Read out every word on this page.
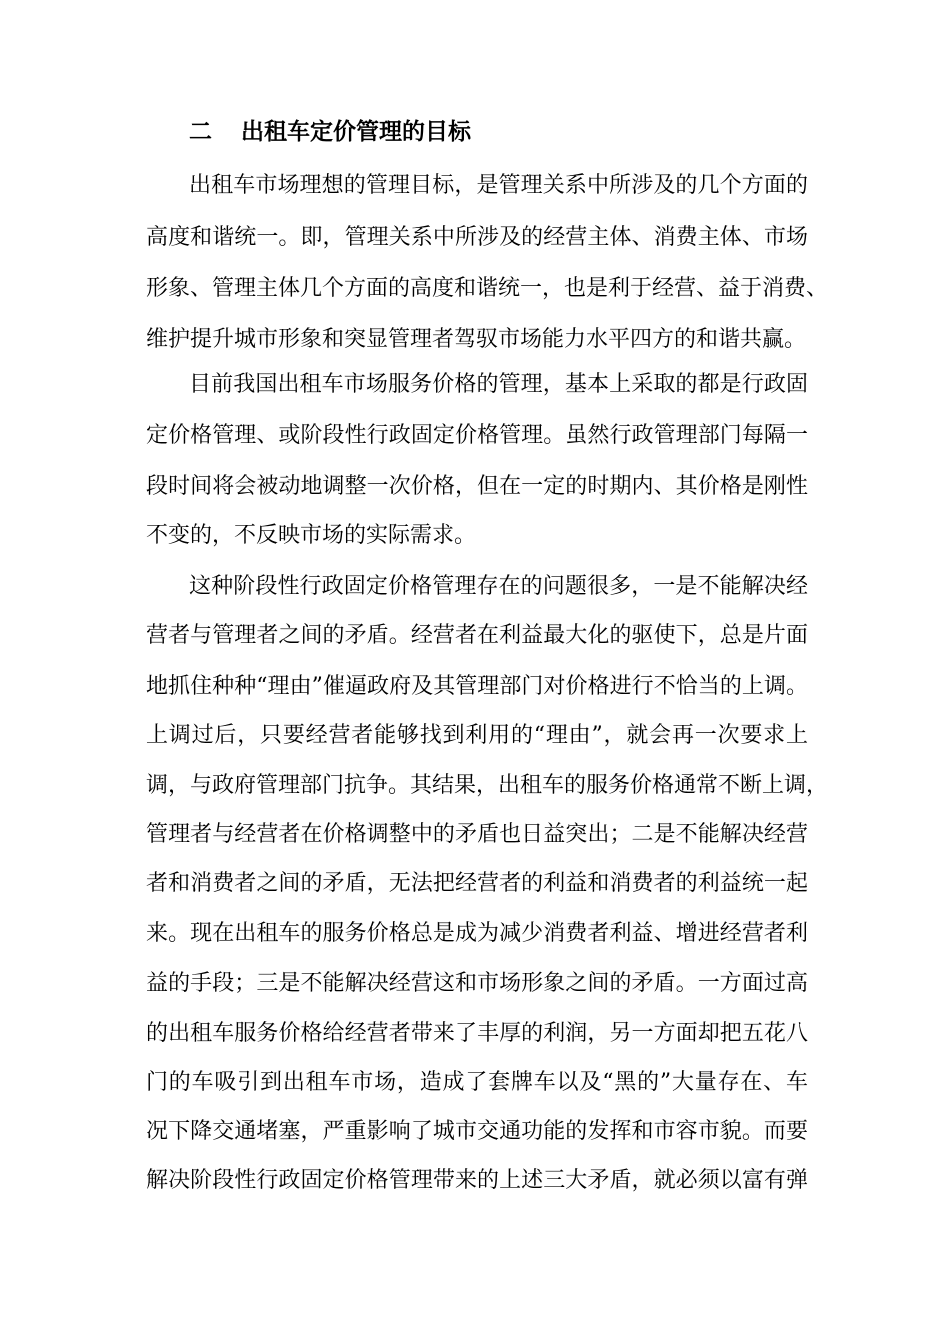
二 出租车定价管理的目标
出租车市场理想的管理目标，是管理关系中所涉及的几个方面的
高度和谐统一。即，管理关系中所涉及的经营主体、消费主体、市场
形象、管理主体几个方面的高度和谐统一，也是利于经营、益于消费、
维护提升城市形象和突显管理者驾驭市场能力水平四方的和谐共赢。
目前我国出租车市场服务价格的管理，基本上采取的都是行政固
定价格管理、或阶段性行政固定价格管理。虽然行政管理部门每隔一
段时间将会被动地调整一次价格，但在一定的时期内、其价格是刚性
不变的，不反映市场的实际需求。
这种阶段性行政固定价格管理存在的问题很多，一是不能解决经
营者与管理者之间的矛盾。经营者在利益最大化的驱使下，总是片面
地抓住种种“理由”催逼政府及其管理部门对价格进行不恰当的上调。
上调过后，只要经营者能够找到利用的“理由”，就会再一次要求上
调，与政府管理部门抗争。其结果，出租车的服务价格通常不断上调，
管理者与经营者在价格调整中的矛盾也日益突出；二是不能解决经营
者和消费者之间的矛盾，无法把经营者的利益和消费者的利益统一起
来。现在出租车的服务价格总是成为减少消费者利益、增进经营者利
益的手段；三是不能解决经营这和市场形象之间的矛盾。一方面过高
的出租车服务价格给经营者带来了丰厚的利润，另一方面却把五花八
门的车吸引到出租车市场，造成了套牌车以及“黑的”大量存在、车
况下降交通堵塞，严重影响了城市交通功能的发挥和市容市貌。而要
解决阶段性行政固定价格管理带来的上述三大矛盾，就必须以富有弹
